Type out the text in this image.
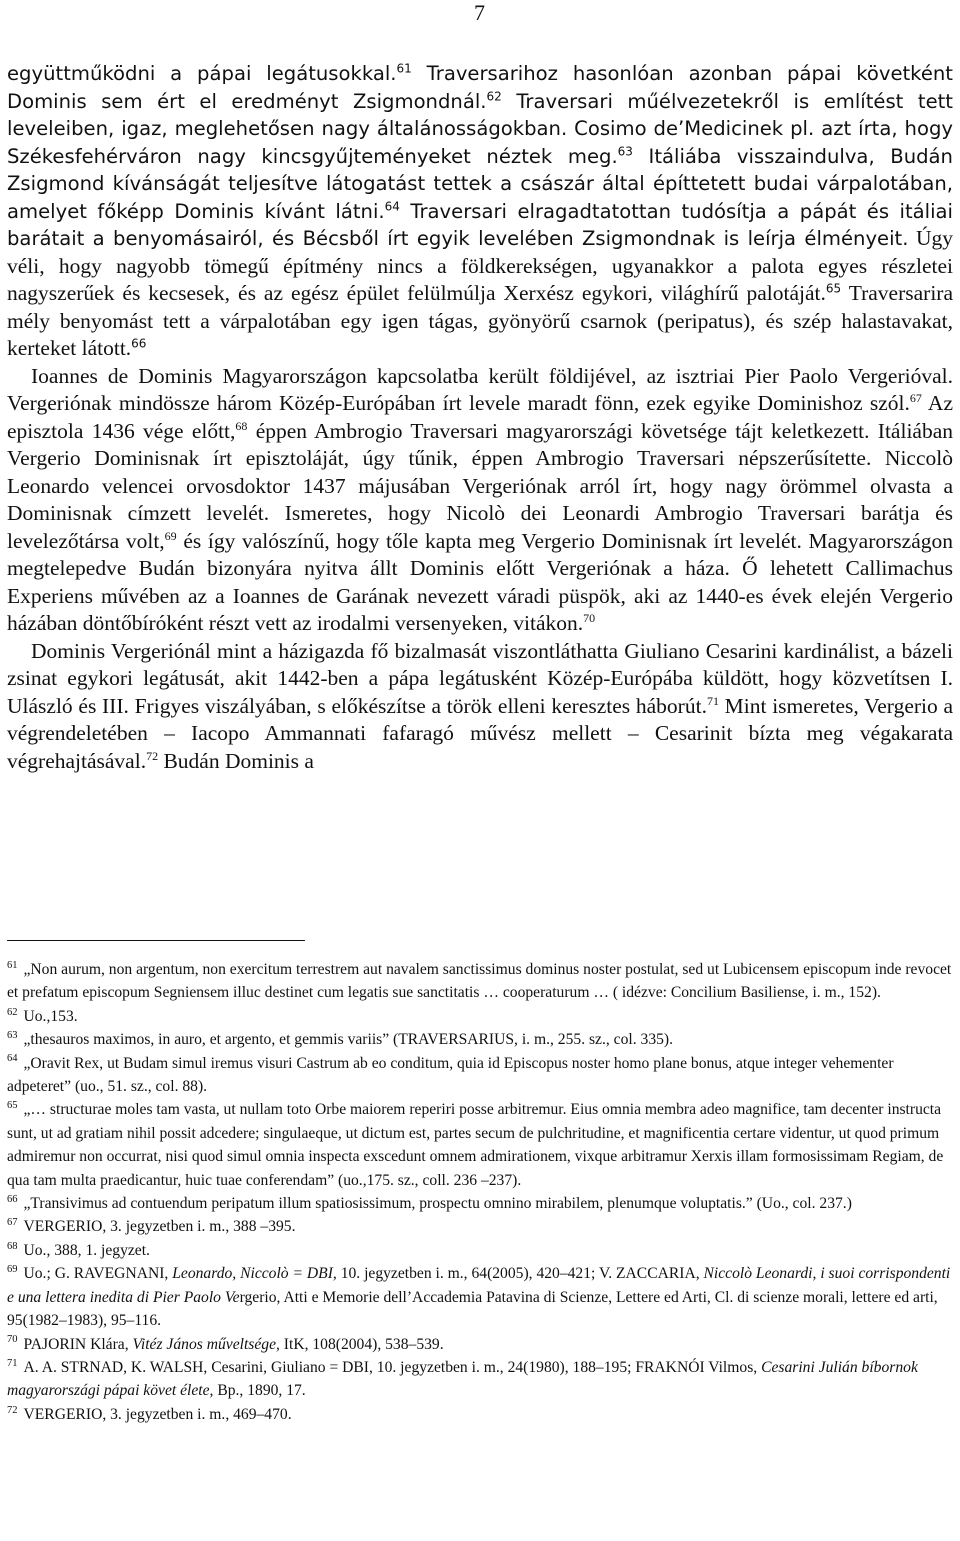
7

együttműködni a pápai legátusokkal.$^{61}$ Traversarihoz hasonlóan azonban pápai követként Dominis sem ért el eredményt Zsigmondnál.$^{62}$ Traversari műélvezetekről is említést tett leveleiben, igaz, meglehetősen nagy általánosságokban. Cosimo de’Medicinek pl. azt írta, hogy Székesfehérváron nagy kincsgyűjteményeket néztek meg.$^{63}$ Itáliába visszaindulva, Budán Zsigmond kívánságát teljesítve látogatást tettek a császár által építtetett budai várpalotában, amelyet főképp Dominis kívánt látni.$^{64}$ Traversari elragadtatottan tudósítja a pápát és itáliai barátait a benyomásairól, és Bécsből írt egyik levelében Zsigmondnak is leírja élményeit. Úgy véli, hogy nagyobb tömegű építmény nincs a földkerekségen, ugyanakkor a palota egyes részletei nagyszerűek és kecsesek, és az egész épület felülmúlja Xerxész egykori, világhírű palotáját.$^{65}$ Traversarira mély benyomást tett a várpalotában egy igen tágas, gyönyörű csarnok (peripatus), és szép halastavakat, kerteket látott.$^{66}$

Ioannes de Dominis Magyarországon kapcsolatba került földijével, az isztriai Pier Paolo Vergerióval. Vergeriónak mindössze három Közép-Európában írt levele maradt fönn, ezek egyike Dominishoz szól.$^{67}$ Az episztola 1436 vége előtt,$^{68}$ éppen Ambrogio Traversari magyarországi követsége tájt keletkezett. Itáliában Vergerio Dominisnak írt episztoláját, úgy tűnik, éppen Ambrogio Traversari népszerűsítette. Niccolò Leonardo velencei orvosdoktor 1437 májusában Vergeriónak arról írt, hogy nagy örömmel olvasta a Dominisnak címzett levelét. Ismeretes, hogy Nicolò dei Leonardi Ambrogio Traversari barátja és levelezőtársa volt,$^{69}$ és így valószínű, hogy tőle kapta meg Vergerio Dominisnak írt levelét. Magyarországon megtelepedve Budán bizonyára nyitva állt Dominis előtt Vergeriónak a háza. Ő lehetett Callimachus Experiens művében az a Ioannes de Garának nevezett váradi püspök, aki az 1440-es évek elején Vergerio házában döntőbíróként részt vett az irodalmi versenyeken, vitákon.$^{70}$

Dominis Vergeriónál mint a házigazda fő bizalmasát viszontláthatta Giuliano Cesarini kardinálist, a bázeli zsinat egykori legátusát, akit 1442-ben a pápa legátusként Közép-Európába küldött, hogy közvetítsen I. Ulászló és III. Frigyes viszályában, s előkészítse a török elleni keresztes háborút.$^{71}$ Mint ismeretes, Vergerio a végrendeletében – Iacopo Ammannati fafaragó művész mellett – Cesarinit bízta meg végakarata végrehajtásával.$^{72}$ Budán Dominis a

$^{61}$ „Non aurum, non argentum, non exercitum terrestrem aut navalem sanctissimus dominus noster postulat, sed ut Lubicensem episcopum inde revocet et prefatum episcopum Segniensem illuc destinet cum legatis sue sanctitatis … cooperaturum … ( idézve: Concilium Basiliense, i. m., 152).

$^{62}$ Uo.,153.

$^{63}$ „thesauros maximos, in auro, et argento, et gemmis variis” (TRAVERSARIUS, i. m., 255. sz., col. 335).

$^{64}$ „Oravit Rex, ut Budam simul iremus visuri Castrum ab eo conditum, quia id Episcopus noster homo plane bonus, atque integer vehementer adpeteret” (uo., 51. sz., col. 88).

$^{65}$ „… structurae moles tam vasta, ut nullam toto Orbe maiorem reperiri posse arbitremur. Eius omnia membra adeo magnifice, tam decenter instructa sunt, ut ad gratiam nihil possit adcedere; singulaeque, ut dictum est, partes secum de pulchritudine, et magnificentia certare videntur, ut quod primum admiremur non occurrat, nisi quod simul omnia inspecta exscedunt omnem admirationem, vixque arbitramur Xerxis illam formosissimam Regiam, de qua tam multa praedicantur, huic tuae conferendam” (uo.,175. sz., coll. 236 –237).

$^{66}$ „Transivimus ad contuendum peripatum illum spatiosissimum, prospectu omnino mirabilem, plenumque voluptatis.” (Uo., col. 237.)

$^{67}$ VERGERIO, 3. jegyzetben i. m., 388 –395.

$^{68}$ Uo., 388, 1. jegyzet.

$^{69}$ Uo.; G. RAVEGNANI, Leonardo, Niccolò = DBI, 10. jegyzetben i. m., 64(2005), 420–421; V. ZACCARIA, Niccolò Leonardi, i suoi corrispondenti e una lettera inedita di Pier Paolo Vergerio, Atti e Memorie dell’Accademia Patavina di Scienze, Lettere ed Arti, Cl. di scienze morali, lettere ed arti, 95(1982–1983), 95–116.

$^{70}$ PAJORIN Klára, Vitéz János műveltsége, ItK, 108(2004), 538–539.

$^{71}$ A. A. STRNAD, K. WALSH, Cesarini, Giuliano = DBI, 10. jegyzetben i. m., 24(1980), 188–195; FRAKNÓI Vilmos, Cesarini Julián bíbornok magyarországi pápai követ élete, Bp., 1890, 17.

$^{72}$ VERGERIO, 3. jegyzetben i. m., 469–470.
